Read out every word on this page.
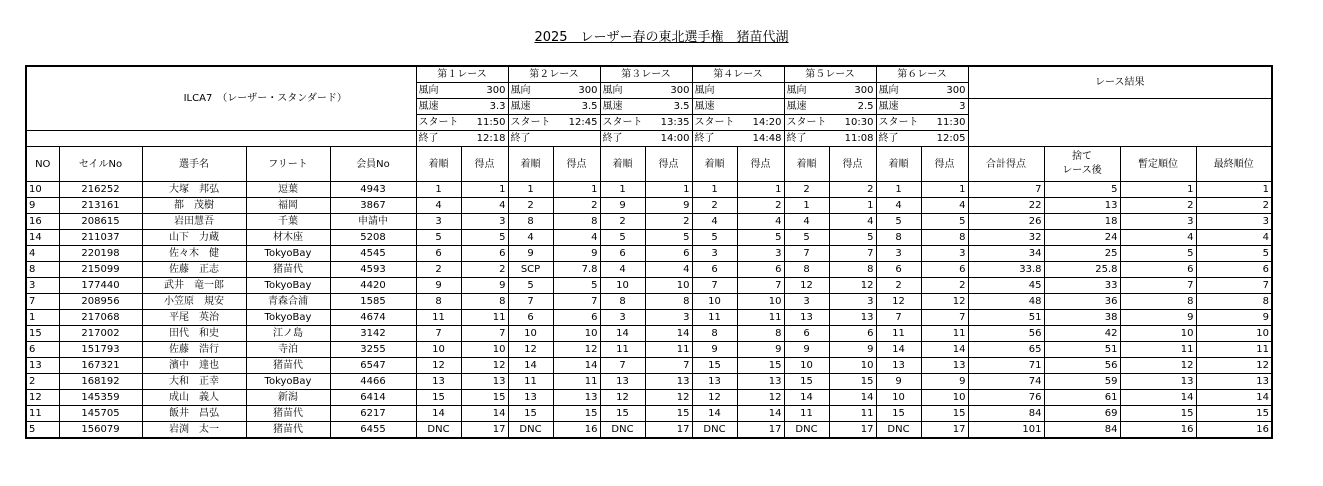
2025　レーザー春の東北選手権　猪苗代湖
ILCA7　（レーザー・スタンダード）					第１レース		第２レース		第３レース		第４レース		第５レース		第６レース		レース結果			
					風向	300	風向	300	風向	300	風向		風向	300	風向	300				
					風速	3.3	風速	3.5	風速	3.5	風速		風速	2.5	風速	3				
					スタート	11:50	スタート	12:45	スタート	13:35	スタート	14:20	スタート	10:30	スタート	11:30				
					終了	12:18	終了		終了	14:00	終了	14:48	終了	11:08	終了	12:05				
NO	セイルNo	選手名	フリート	会員No	着順	得点	着順	得点	着順	得点	着順	得点	着順	得点	着順	得点	合計得点	捨て
レース後	暫定順位	最終順位
10	216252	大塚　邦弘	逗葉	4943	1	1	1	1	1	1	1	1	2	2	1	1	7	5	1	1
9	213161	都　茂樹	福岡	3867	4	4	2	2	9	9	2	2	1	1	4	4	22	13	2	2
16	208615	岩田慧吾	千葉	申請中	3	3	8	8	2	2	4	4	4	4	5	5	26	18	3	3
14	211037	山下　力蔵	材木座	5208	5	5	4	4	5	5	5	5	5	5	8	8	32	24	4	4
4	220198	佐々木　健	TokyoBay	4545	6	6	9	9	6	6	3	3	7	7	3	3	34	25	5	5
8	215099	佐藤　正志	猪苗代	4593	2	2	SCP	7.8	4	4	6	6	8	8	6	6	33.8	25.8	6	6
3	177440	武井　竜一郎	TokyoBay	4420	9	9	5	5	10	10	7	7	12	12	2	2	45	33	7	7
7	208956	小笠原　規安	青森合浦	1585	8	8	7	7	8	8	10	10	3	3	12	12	48	36	8	8
1	217068	平尾　英治	TokyoBay	4674	11	11	6	6	3	3	11	11	13	13	7	7	51	38	9	9
15	217002	田代　和史	江ノ島	3142	7	7	10	10	14	14	8	8	6	6	11	11	56	42	10	10
6	151793	佐藤　浩行	寺泊	3255	10	10	12	12	11	11	9	9	9	9	14	14	65	51	11	11
13	167321	濱中　達也	猪苗代	6547	12	12	14	14	7	7	15	15	10	10	13	13	71	56	12	12
2	168192	大和　正幸	TokyoBay	4466	13	13	11	11	13	13	13	13	15	15	9	9	74	59	13	13
12	145359	成山　義人	新潟	6414	15	15	13	13	12	12	12	12	14	14	10	10	76	61	14	14
11	145705	飯井　昌弘	猪苗代	6217	14	14	15	15	15	15	14	14	11	11	15	15	84	69	15	15
5	156079	岩渕　太一	猪苗代	6455	DNC	17	DNC	16	DNC	17	DNC	17	DNC	17	DNC	17	101	84	16	16
